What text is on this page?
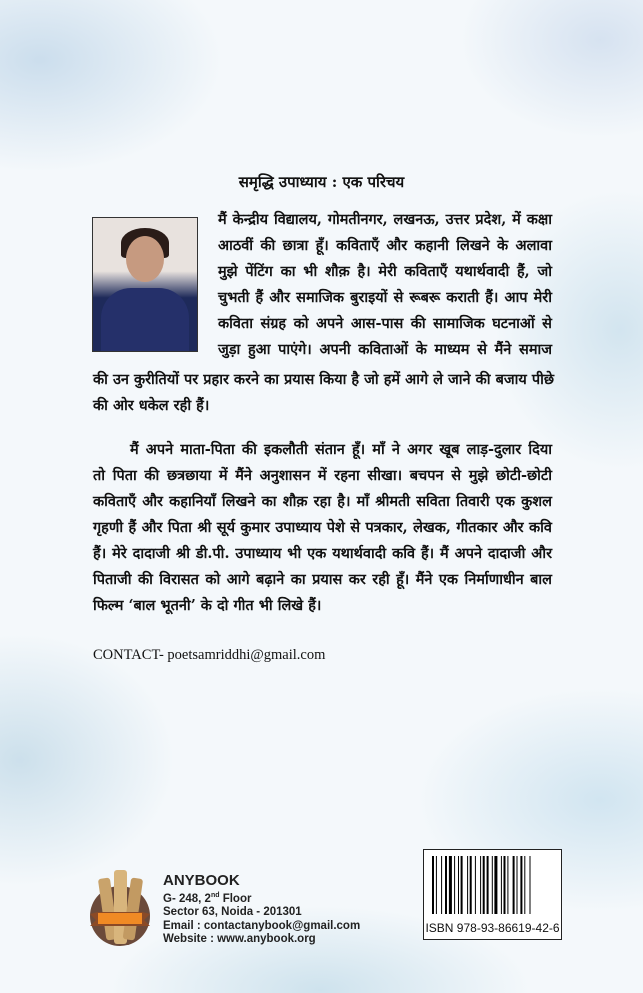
समृद्धि उपाध्याय : एक परिचय
मैं केन्द्रीय विद्यालय, गोमतीनगर, लखनऊ, उत्तर प्रदेश, में कक्षा
आठवीं की छात्रा हूँ। कविताएँ और कहानी लिखने के अलावा
मुझे पेंटिंग का भी शौक़ है। मेरी कविताएँ यथार्थवादी हैं, जो
चुभती हैं और समाजिक बुराइयों से रूबरू कराती हैं। आप मेरी
कविता संग्रह को अपने आस-पास की सामाजिक घटनाओं से
जुड़ा हुआ पाएंगे। अपनी कविताओं के माध्यम से मैंने समाज
की उन कुरीतियों पर प्रहार करने का प्रयास किया है जो हमें आगे ले जाने की बजाय पीछे
की ओर धकेल रही हैं।
मैं अपने माता-पिता की इकलौती संतान हूँ। माँ ने अगर खूब लाड़-दुलार दिया
तो पिता की छत्रछाया में मैंने अनुशासन में रहना सीखा। बचपन से मुझे छोटी-छोटी
कविताएँ और कहानियाँ लिखने का शौक़ रहा है। माँ श्रीमती सविता तिवारी एक कुशल
गृहणी हैं और पिता श्री सूर्य कुमार उपाध्याय पेशे से पत्रकार, लेखक, गीतकार और कवि
हैं। मेरे दादाजी श्री डी.पी. उपाध्याय भी एक यथार्थवादी कवि हैं। मैं अपने दादाजी और
पिताजी की विरासत को आगे बढ़ाने का प्रयास कर रही हूँ। मैंने एक निर्माणाधीन बाल
फिल्म ‘बाल भूतनी’ के दो गीत भी लिखे हैं।
CONTACT- poetsamriddhi@gmail.com
ANYBOOK
G- 248, 2nd Floor
Sector 63, Noida - 201301
Email : contactanybook@gmail.com
Website : www.anybook.org
ISBN 978-93-86619-42-6
